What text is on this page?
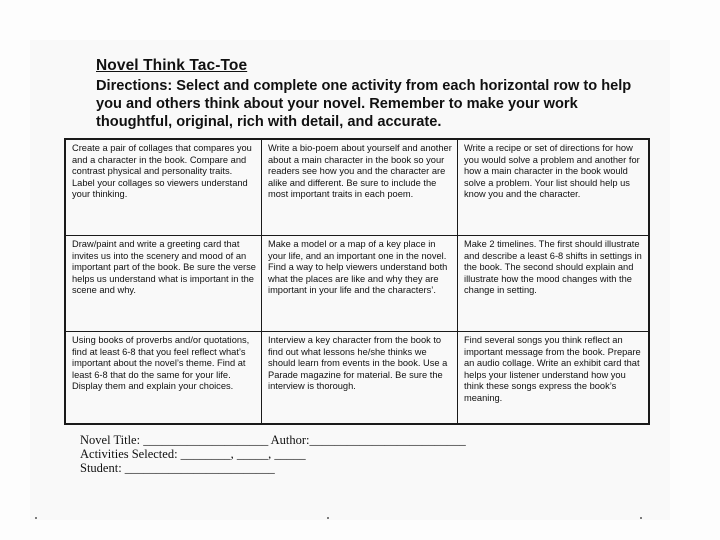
Novel Think Tac-Toe
Directions: Select and complete one activity from each horizontal row to help you and others think about your novel. Remember to make your work thoughtful, original, rich with detail, and accurate.
Create a pair of collages that compares you and a character in the book. Compare and contrast physical and personality traits. Label your collages so viewers understand your thinking.
Write a bio-poem about yourself and another about a main character in the book so your readers see how you and the character are alike and different. Be sure to include the most important traits in each poem.
Write a recipe or set of directions for how you would solve a problem and another for how a main character in the book would solve a problem. Your list should help us know you and the character.
Draw/paint and write a greeting card that invites us into the scenery and mood of an important part of the book. Be sure the verse helps us understand what is important in the scene and why.
Make a model or a map of a key place in your life, and an important one in the novel. Find a way to help viewers understand both what the places are like and why they are important in your life and the characters’.
Make 2 timelines. The first should illustrate and describe a least 6-8 shifts in settings in the book. The second should explain and illustrate how the mood changes with the change in setting.
Using books of proverbs and/or quotations, find at least 6-8 that you feel reflect what’s important about the novel’s theme. Find at least 6-8 that do the same for your life. Display them and explain your choices.
Interview a key character from the book to find out what lessons he/she thinks we should learn from events in the book. Use a Parade magazine for material. Be sure the interview is thorough.
Find several songs you think reflect an important message from the book. Prepare an audio collage. Write an exhibit card that helps your listener understand how you think these songs express the book’s meaning.
Novel Title: ____________________ Author:_________________________
Activities Selected: ________, _____, _____
Student: ________________________
